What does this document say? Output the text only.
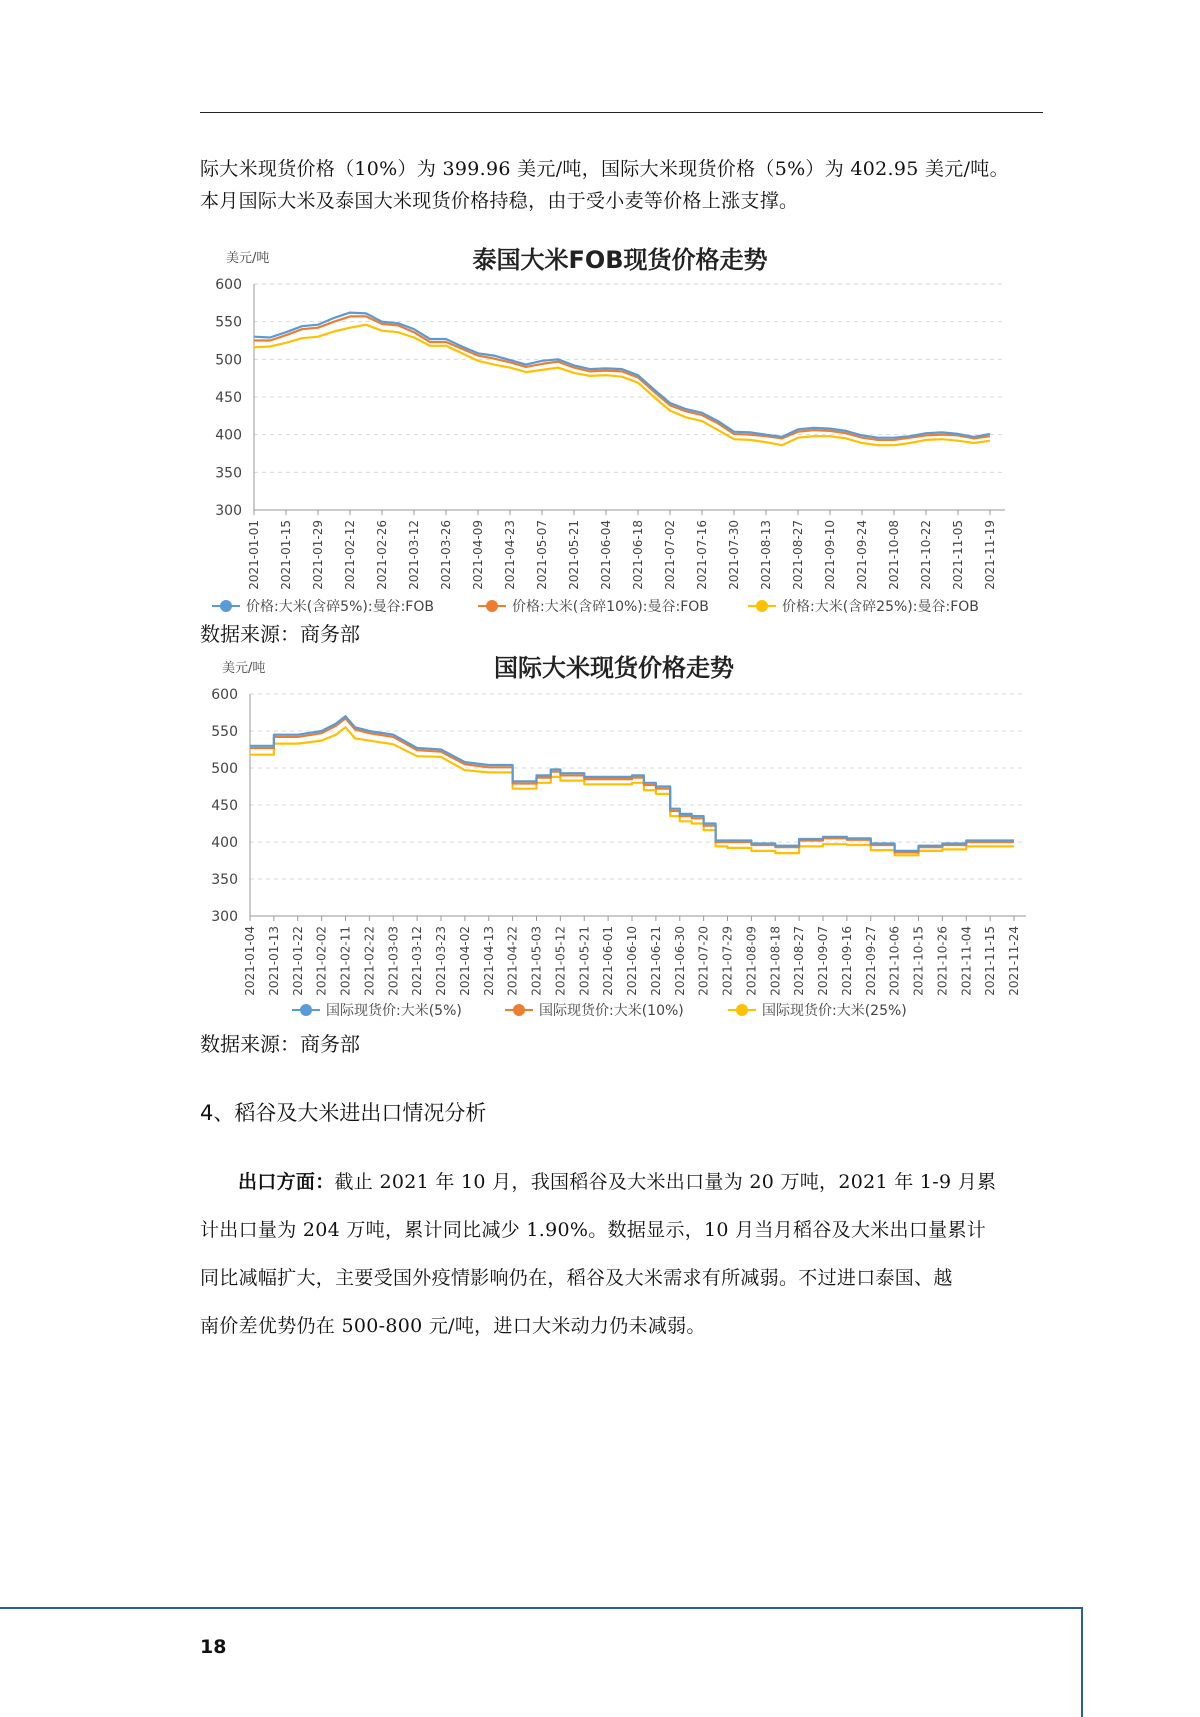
际大米现货价格（10%）为 399.96 美元/吨，国际大米现货价格（5%）为 402.95 美元/吨。

本月国际大米及泰国大米现货价格持稳，由于受小麦等价格上涨支撑。

泰国大米FOB现货价格走势
美元/吨
300
350
400
450
500
550
600
2021-01-01 2021-01-15 2021-01-29 2021-02-12 2021-02-26 2021-03-12 2021-03-26 2021-04-09 2021-04-23 2021-05-07 2021-05-21 2021-06-04 2021-06-18 2021-07-02 2021-07-16 2021-07-30 2021-08-13 2021-08-27 2021-09-10 2021-09-24 2021-10-08 2021-10-22 2021-11-05 2021-11-19
价格:大米(含碎5%):曼谷:FOB	价格:大米(含碎10%):曼谷:FOB	价格:大米(含碎25%):曼谷:FOB
数据来源：商务部
国际大米现货价格走势
美元/吨
300
350
400
450
500
550
600
2021-01-04 2021-01-13 2021-01-22 2021-02-02 2021-02-11 2021-02-22 2021-03-03 2021-03-12 2021-03-23 2021-04-02 2021-04-13 2021-04-22 2021-05-03 2021-05-12 2021-05-21 2021-06-01 2021-06-10 2021-06-21 2021-06-30 2021-07-20 2021-07-29 2021-08-09 2021-08-18 2021-08-27 2021-09-07 2021-09-16 2021-09-27 2021-10-06 2021-10-15 2021-10-26 2021-11-04 2021-11-15 2021-11-24
国际现货价:大米(5%)	国际现货价:大米(10%)	国际现货价:大米(25%)
数据来源：商务部
4、稻谷及大米进出口情况分析

出口方面：截止 2021 年 10 月，我国稻谷及大米出口量为 20 万吨，2021 年 1-9 月累

计出口量为 204 万吨，累计同比减少 1.90%。数据显示，10 月当月稻谷及大米出口量累计

同比减幅扩大，主要受国外疫情影响仍在，稻谷及大米需求有所减弱。不过进口泰国、越

南价差优势仍在 500-800 元/吨，进口大米动力仍未减弱。

18
